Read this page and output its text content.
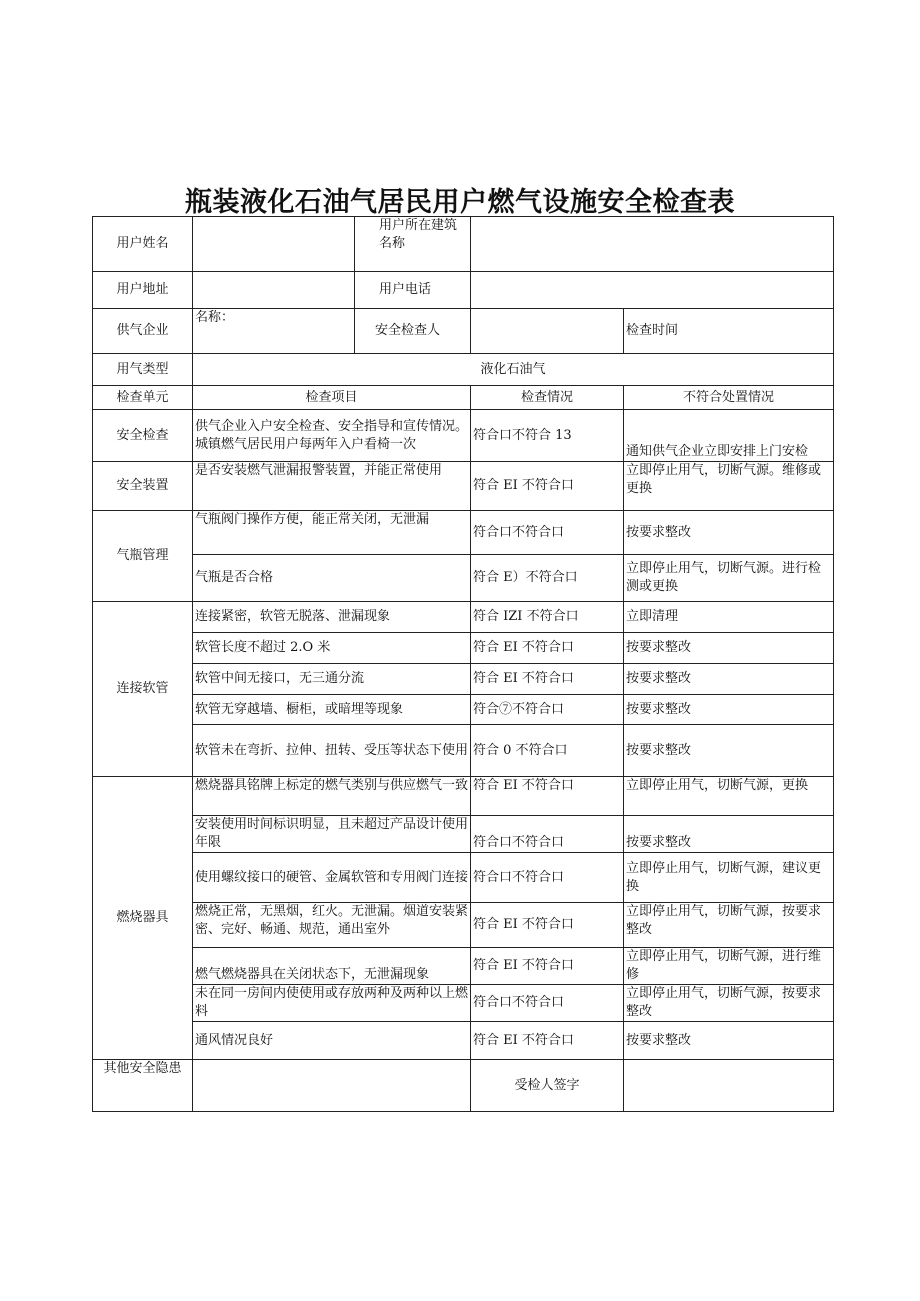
瓶装液化石油气居民用户燃气设施安全检查表
用户姓名		用户所在建筑名称		
用户地址		用户电话		
供气企业	名称：	安全检查人		检查时间
用气类型	液化石油气			
检查单元	检查项目		检查情况	不符合处置情况
安全检查	供气企业入户安全检查、安全指导和宣传情况。城镇燃气居民用户每两年入户看椅一次		符合口不符合 13	通知供气企业立即安排上门安检
安全装置	是否安装燃气泄漏报警装置，并能正常使用		符合 EI 不符合口	立即停止用气，切断气源。维修或更换
气瓶管理	气瓶阀门操作方便，能正常关闭，无泄漏		符合口不符合口	按要求整改
	气瓶是否合格		符合 E）不符合口	立即停止用气，切断气源。进行检测或更换
连接软管	连接紧密，软管无脱落、泄漏现象		符合 IZI 不符合口	立即清理
	软管长度不超过 2.O 米		符合 EI 不符合口	按要求整改
	软管中间无接口，无三通分流		符合 EI 不符合口	按要求整改
	软管无穿越墙、橱柜，或暗埋等现象		符合⑦不符合口	按要求整改
	软管未在弯折、拉伸、扭转、受压等状态下使用		符合 0 不符合口	按要求整改
燃烧器具	燃烧器具铭牌上标定的燃气类别与供应燃气一致		符合 EI 不符合口	立即停止用气，切断气源，更换
	安装使用时间标识明显，且未超过产品设计使用年限		符合口不符合口	按要求整改
	使用螺纹接口的硬管、金属软管和专用阀门连接		符合口不符合口	立即停止用气，切断气源，建议更换
	燃烧正常，无黑烟，红火。无泄漏。烟道安装紧密、完好、畅通、规范，通出室外		符合 EI 不符合口	立即停止用气，切断气源，按要求整改
	燃气燃烧器具在关闭状态下，无泄漏现象		符合 EI 不符合口	立即停止用气，切断气源，进行维修
	未在同一房间内使使用或存放两种及两种以上燃料		符合口不符合口	立即停止用气，切断气源，按要求整改
	通风情况良好		符合 EI 不符合口	按要求整改
其他安全隐患			受检人签字	
